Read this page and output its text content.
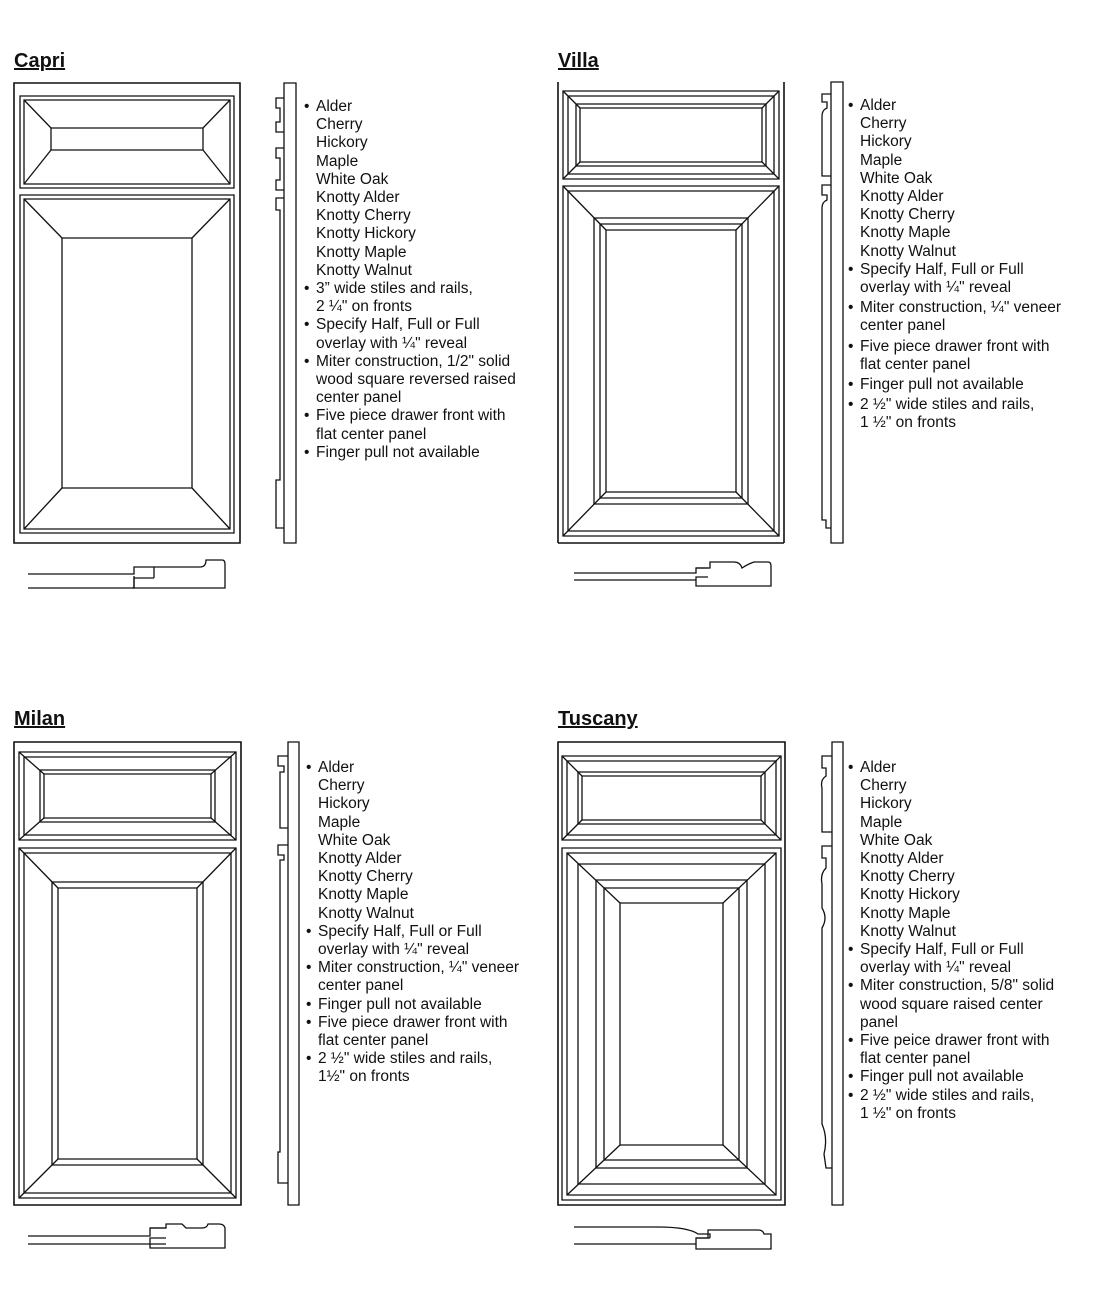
Capri
• Alder
Cherry
Hickory
Maple
White Oak
Knotty Alder
Knotty Cherry
Knotty Hickory
Knotty Maple
Knotty Walnut
• 3” wide stiles and rails,
2 ¼" on fronts
• Specify Half, Full or Full
overlay with ¼" reveal
• Miter construction, 1/2" solid
wood square reversed raised
center panel
• Five piece drawer front with
flat center panel
• Finger pull not available
Villa
• Alder
Cherry
Hickory
Maple
White Oak
Knotty Alder
Knotty Cherry
Knotty Maple
Knotty Walnut
• Specify Half, Full or Full
overlay with ¼" reveal
• Miter construction, ¼" veneer
center panel
• Five piece drawer front with
flat center panel
• Finger pull not available
• 2 ½" wide stiles and rails,
1 ½" on fronts
Milan
• Alder
Cherry
Hickory
Maple
White Oak
Knotty Alder
Knotty Cherry
Knotty Maple
Knotty Walnut
• Specify Half, Full or Full
overlay with ¼" reveal
• Miter construction, ¼" veneer
center panel
• Finger pull not available
• Five piece drawer front with
flat center panel
• 2 ½" wide stiles and rails,
1½" on fronts
Tuscany
• Alder
Cherry
Hickory
Maple
White Oak
Knotty Alder
Knotty Cherry
Knotty Hickory
Knotty Maple
Knotty Walnut
• Specify Half, Full or Full
overlay with ¼" reveal
• Miter construction, 5/8" solid
wood square raised center
panel
• Five peice drawer front with
flat center panel
• Finger pull not available
• 2 ½" wide stiles and rails,
1 ½" on fronts
